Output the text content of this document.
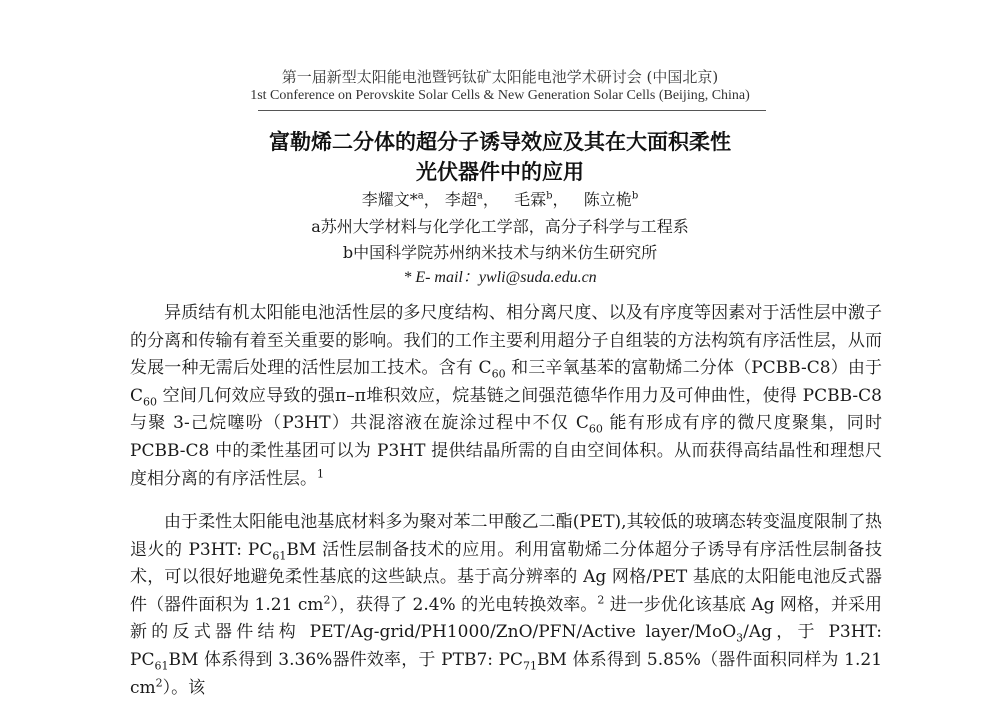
第一届新型太阳能电池暨钙钛矿太阳能电池学术研讨会 (中国北京)
1st Conference on Perovskite Solar Cells & New Generation Solar Cells (Beijing, China)
富勒烯二分体的超分子诱导效应及其在大面积柔性
光伏器件中的应用
李耀文*$^a$， 李超$^a$，   毛霖$^b$，   陈立桅$^b$
a苏州大学材料与化学化工学部，高分子科学与工程系
b中国科学院苏州纳米技术与纳米仿生研究所
* E- mail：ywli@suda.edu.cn
异质结有机太阳能电池活性层的多尺度结构、相分离尺度、以及有序度等因素对于活性层中激子的分离和传输有着至关重要的影响。我们的工作主要利用超分子自组装的方法构筑有序活性层，从而发展一种无需后处理的活性层加工技术。含有 $C_{60}$ 和三辛氧基苯的富勒烯二分体（PCBB-C8）由于 $C_{60}$ 空间几何效应导致的强π–π堆积效应，烷基链之间强范德华作用力及可伸曲性，使得 PCBB-C8 与聚 3-己烷噻吩（P3HT）共混溶液在旋涂过程中不仅 $C_{60}$ 能有形成有序的微尺度聚集，同时 PCBB-C8 中的柔性基团可以为 P3HT 提供结晶所需的自由空间体积。从而获得高结晶性和理想尺度相分离的有序活性层。$^1$
由于柔性太阳能电池基底材料多为聚对苯二甲酸乙二酯(PET),其较低的玻璃态转变温度限制了热退火的 P3HT: $PC_{61}BM$ 活性层制备技术的应用。利用富勒烯二分体超分子诱导有序活性层制备技术，可以很好地避免柔性基底的这些缺点。基于高分辨率的 Ag 网格/PET 基底的太阳能电池反式器件（器件面积为 1.21 $cm^2$），获得了 2.4% 的光电转换效率。$^2$ 进一步优化该基底 Ag 网格，并采用新的反式器件结构 PET/Ag-grid/PH1000/ZnO/PFN/Active layer/MoO$_3$/Ag，于 P3HT: $PC_{61}BM$ 体系得到 3.36%器件效率，于 PTB7: $PC_{71}BM$ 体系得到 5.85%（器件面积同样为 1.21 $cm^2$）。该
